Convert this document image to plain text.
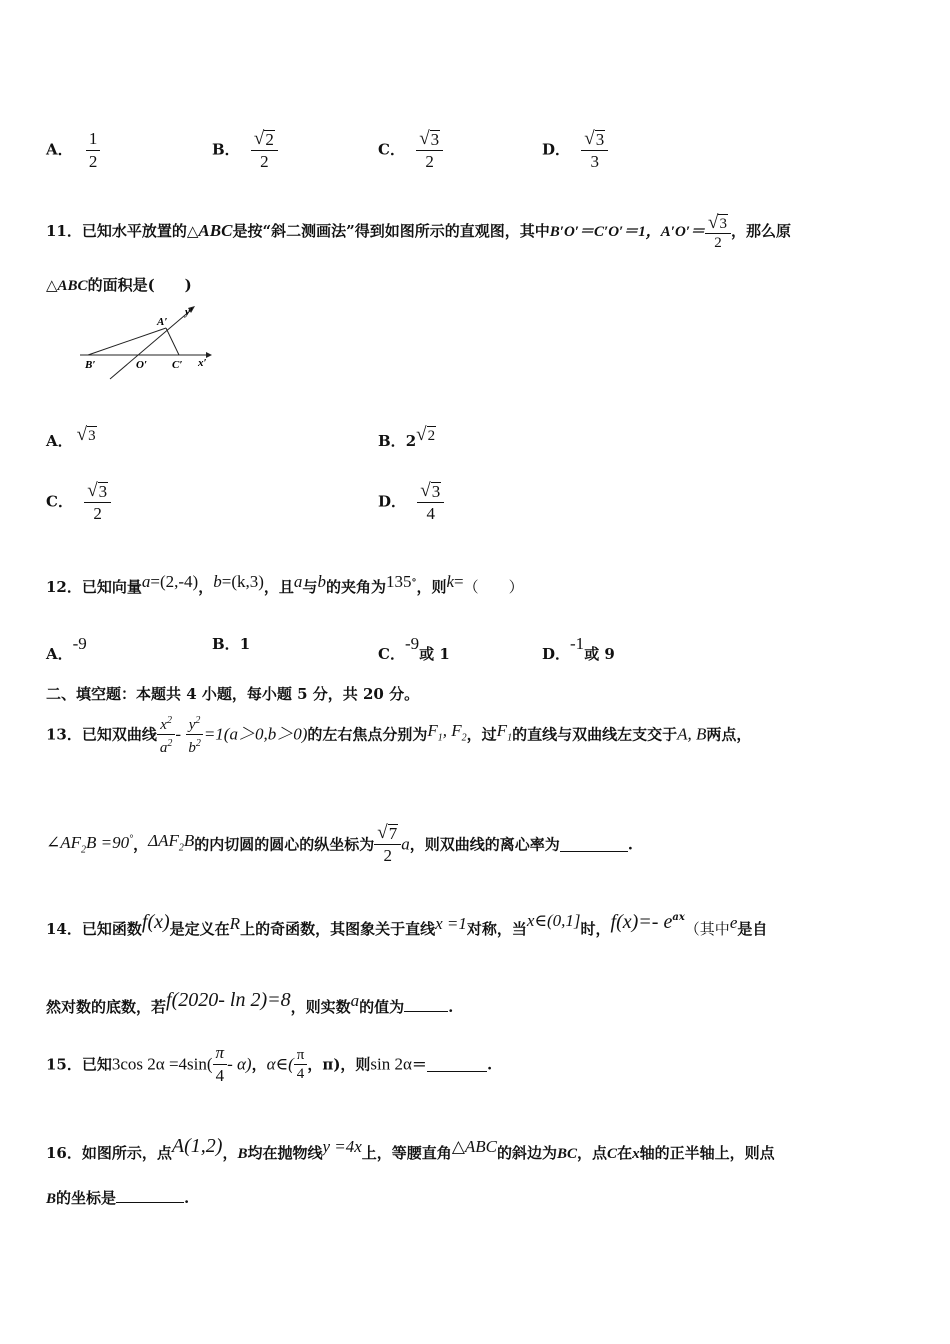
A． $\frac{1}{2}$	B． $\frac{√ 2}{2}$	C． $\frac{√ 3}{2}$	D． $\frac{√ 3}{3}$
11．已知水平放置的△ABC是按“斜二测画法”得到如图所示的直观图，其中B′O′＝C′O′＝1，$A'O'= \frac{√ 3}{2}$ ，那么原
△ABC的面积是(　　)
A′
y′
B′	O′ C′ x′
A． √ 3	B．2 √ 2
C． $\frac{√ 3}{2}$	D． $\frac{√ 3}{4}$
12．已知向量a=(2,-4)，b=(k,3)，且a与b的夹角为135°，则k=（　　）
A．-9	B．1
C．-9或 1	D．-1或 9
二、填空题：本题共 4 小题，每小题 5 分，共 20 分。
13．已知双曲线 $\frac{x^2}{a^2} - \frac{y^2}{b^2} =1(a>0,b>0)$的左右焦点分别为$F_1$, $F_2$，过$F_1$的直线与双曲线左支交于A, B两点，
$\angle AF_2B =90^\circ$，$\Delta AF_2B$的内切圆的圆心的纵坐标为 $\frac{√ 7}{2}$ a，则双曲线的离心率为	.
14．已知函数f(x)是定义在R上的奇函数，其图象关于直线x =1对称，当x∈(0,1]时，f(x)=- $e^{ax}$（其中e是自
然对数的底数，若f(2020- ln 2)=8，则实数a的值为	.
15．已知3cos $2\alpha =4\sin( \frac{\pi}{4} - \alpha)$，α∈( $\frac{\pi}{4}$ ，π)，则sin 2α＝	.
16．如图所示，点A(1,2)，B均在抛物线y =4x上，等腰直角△ABC的斜边为BC，点C在x轴的正半轴上，则点
B的坐标是	.
